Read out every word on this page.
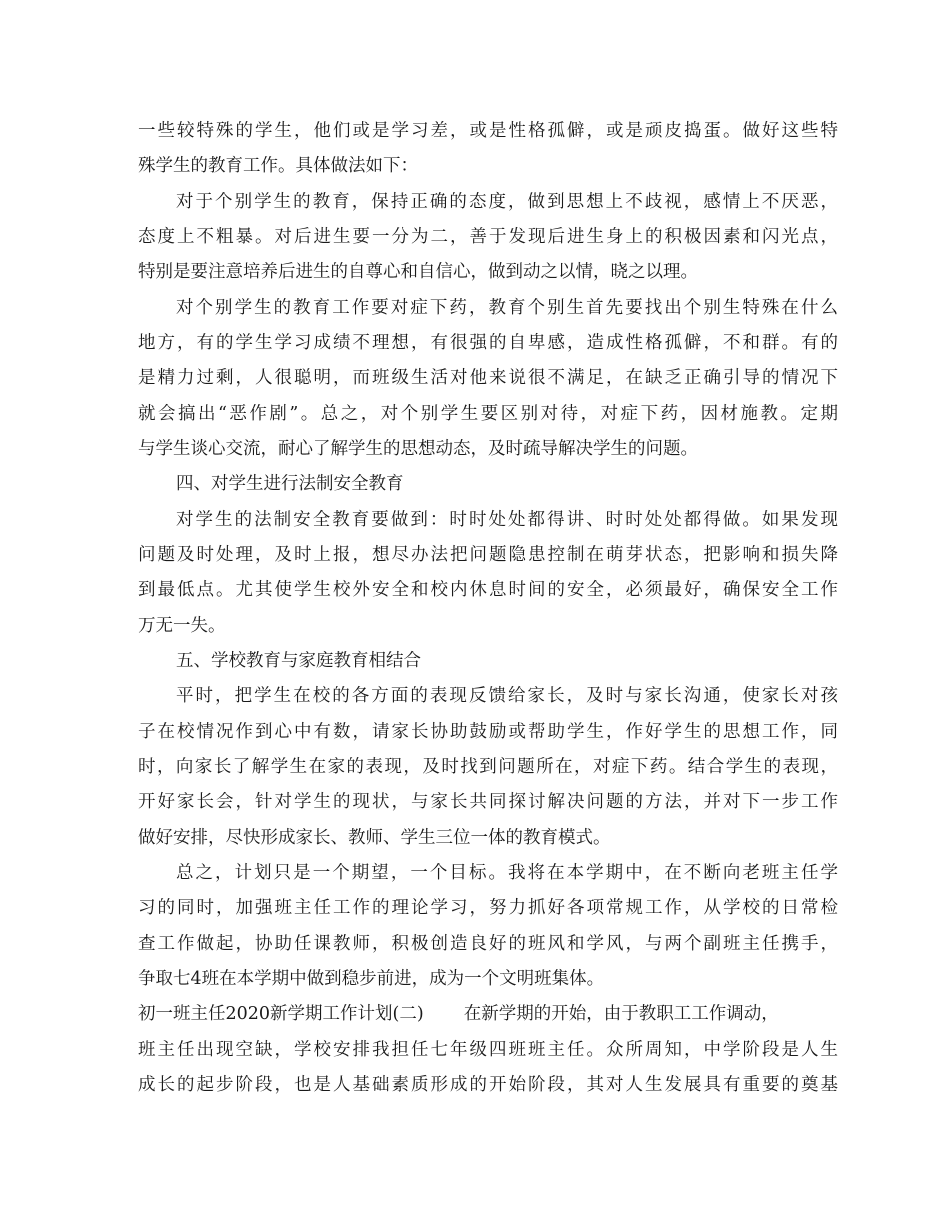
一些较特殊的学生，他们或是学习差，或是性格孤僻，或是顽皮捣蛋。做好这些特
殊学生的教育工作。具体做法如下：
对于个别学生的教育，保持正确的态度，做到思想上不歧视，感情上不厌恶，
态度上不粗暴。对后进生要一分为二，善于发现后进生身上的积极因素和闪光点，
特别是要注意培养后进生的自尊心和自信心，做到动之以情，晓之以理。
对个别学生的教育工作要对症下药，教育个别生首先要找出个别生特殊在什么
地方，有的学生学习成绩不理想，有很强的自卑感，造成性格孤僻，不和群。有的
是精力过剩，人很聪明，而班级生活对他来说很不满足，在缺乏正确引导的情况下
就会搞出“恶作剧”。总之，对个别学生要区别对待，对症下药，因材施教。定期
与学生谈心交流，耐心了解学生的思想动态，及时疏导解决学生的问题。
四、对学生进行法制安全教育
对学生的法制安全教育要做到：时时处处都得讲、时时处处都得做。如果发现
问题及时处理，及时上报，想尽办法把问题隐患控制在萌芽状态，把影响和损失降
到最低点。尤其使学生校外安全和校内休息时间的安全，必须最好，确保安全工作
万无一失。
五、学校教育与家庭教育相结合
平时，把学生在校的各方面的表现反馈给家长，及时与家长沟通，使家长对孩
子在校情况作到心中有数，请家长协助鼓励或帮助学生，作好学生的思想工作，同
时，向家长了解学生在家的表现，及时找到问题所在，对症下药。结合学生的表现，
开好家长会，针对学生的现状，与家长共同探讨解决问题的方法，并对下一步工作
做好安排，尽快形成家长、教师、学生三位一体的教育模式。
总之，计划只是一个期望，一个目标。我将在本学期中，在不断向老班主任学
习的同时，加强班主任工作的理论学习，努力抓好各项常规工作，从学校的日常检
查工作做起，协助任课教师，积极创造良好的班风和学风，与两个副班主任携手，
争取七4班在本学期中做到稳步前进，成为一个文明班集体。
初一班主任2020新学期工作计划(二) 在新学期的开始，由于教职工工作调动，
班主任出现空缺，学校安排我担任七年级四班班主任。众所周知，中学阶段是人生
成长的起步阶段，也是人基础素质形成的开始阶段，其对人生发展具有重要的奠基
